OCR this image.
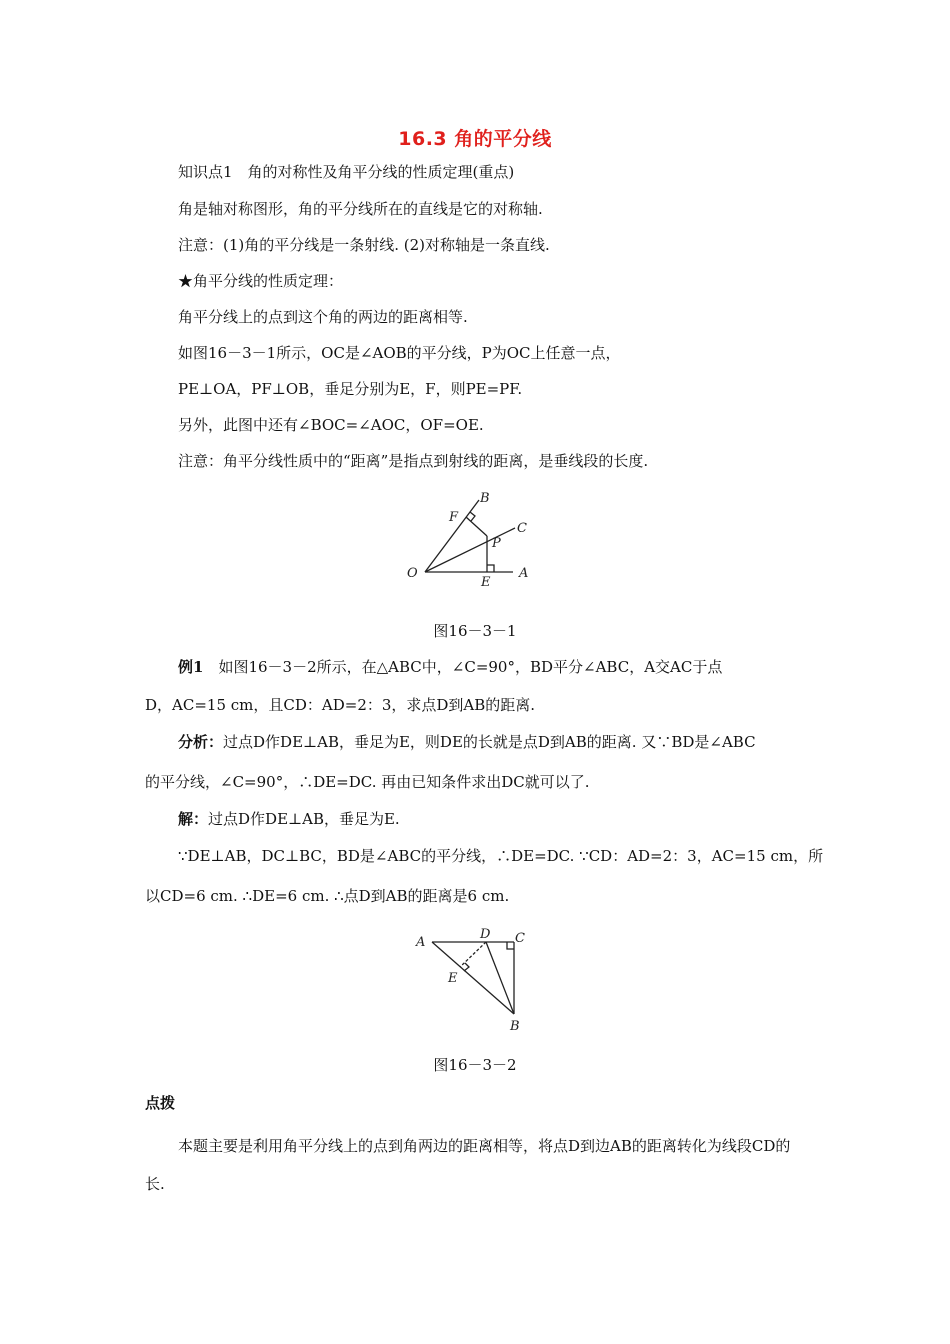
16.3 角的平分线
知识点1　角的对称性及角平分线的性质定理(重点)
角是轴对称图形，角的平分线所在的直线是它的对称轴.
注意：(1)角的平分线是一条射线. (2)对称轴是一条直线.
★角平分线的性质定理：
角平分线上的点到这个角的两边的距离相等.
如图16－3－1所示，OC是∠AOB的平分线，P为OC上任意一点，
PE⊥OA，PF⊥OB，垂足分别为E，F，则PE=PF.
另外，此图中还有∠BOC=∠AOC，OF=OE.
注意：角平分线性质中的“距离”是指点到射线的距离，是垂线段的长度.
O	A
B
C
P
E
F
图16－3－1
例1　 如图16－3－2所示，在△ABC中，∠C=90°，BD平分∠ABC，A交AC于点
D，AC=15 cm，且CD：AD=2：3，求点D到AB的距离.
分析：过点D作DE⊥AB，垂足为E，则DE的长就是点D到AB的距离. 又∵BD是∠ABC
的平分线，∠C=90°，∴DE=DC. 再由已知条件求出DC就可以了.
解：过点D作DE⊥AB，垂足为E.
∵DE⊥AB，DC⊥BC，BD是∠ABC的平分线，∴DE=DC. ∵CD：AD=2：3，AC=15 cm，所
以CD=6 cm. ∴DE=6 cm. ∴点D到AB的距离是6 cm.
A
D C
E
B
图16－3－2
点拨
本题主要是利用角平分线上的点到角两边的距离相等，将点D到边AB的距离转化为线段CD的长.
